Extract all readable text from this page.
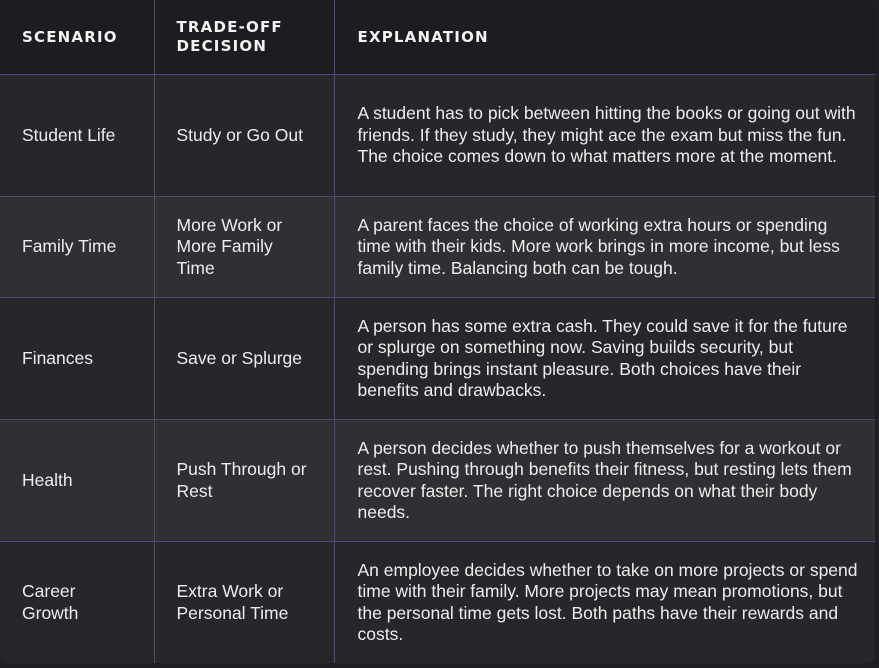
SCENARIO	TRADE-OFF DECISION	EXPLANATION
Student Life	Study or Go Out	A student has to pick between hitting the books or going out with friends. If they study, they might ace the exam but miss the fun. The choice comes down to what matters more at the moment.
Family Time	More Work or More Family Time	A parent faces the choice of working extra hours or spending time with their kids. More work brings in more income, but less family time. Balancing both can be tough.
Finances	Save or Splurge	A person has some extra cash. They could save it for the future or splurge on something now. Saving builds security, but spending brings instant pleasure. Both choices have their benefits and drawbacks.
Health	Push Through or Rest	A person decides whether to push themselves for a workout or rest. Pushing through benefits their fitness, but resting lets them recover faster. The right choice depends on what their body needs.
Career Growth	Extra Work or Personal Time	An employee decides whether to take on more projects or spend time with their family. More projects may mean promotions, but the personal time gets lost. Both paths have their rewards and costs.
